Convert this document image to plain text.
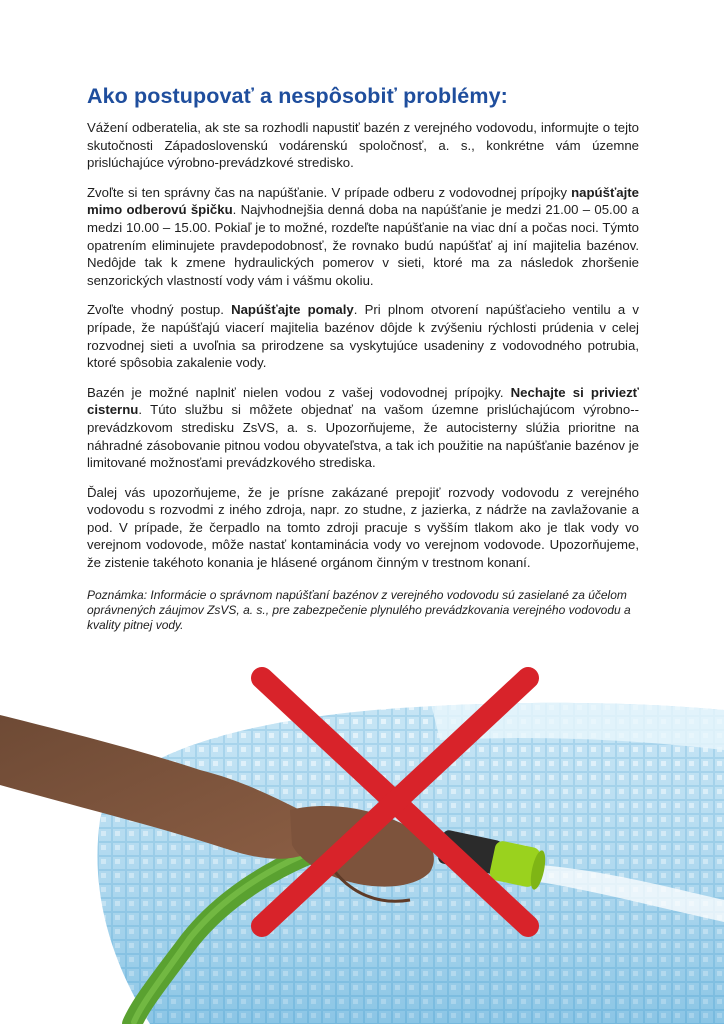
Ako postupovať a nespôsobiť problémy:

Vážení odberatelia, ak ste sa rozhodli napustiť bazén z verejného vodovodu, informujte o tejto skutočnosti Západoslovenskú vodárenskú spoločnosť, a. s., konkrétne vám územne prislúchajúce výrobno-prevádzkové stredisko.

Zvoľte si ten správny čas na napúšťanie. V prípade odberu z vodovodnej prípojky napúšťajte mimo odberovú špičku. Najvhodnejšia denná doba na napúšťanie je medzi 21.00 – 05.00 a medzi 10.00 – 15.00. Pokiaľ je to možné, rozdeľte napúšťanie na viac dní a počas noci. Týmto opatrením eliminujete pravdepodobnosť, že rovnako budú napúšťať aj iní majitelia bazénov. Nedôjde tak k zmene hydraulických pomerov v sieti, ktoré ma za následok zhoršenie senzorických vlastností vody vám i vášmu okoliu.

Zvoľte vhodný postup. Napúšťajte pomaly. Pri plnom otvorení napúšťacieho ventilu a v prípade, že napúšťajú viacerí majitelia bazénov dôjde k zvýšeniu rýchlosti prúdenia v celej rozvodnej sieti a uvoľnia sa prirodzene sa vyskytujúce usadeniny z vodovodného potrubia, ktoré spôsobia zakalenie vody.

Bazén je možné naplniť nielen vodou z vašej vodovodnej prípojky. Nechajte si priviezť cisternu. Túto službu si môžete objednať na vašom územne prislúchajúcom výrobno--prevádzkovom stredisku ZsVS, a. s. Upozorňujeme, že autocisterny slúžia prioritne na náhradné zásobovanie pitnou vodou obyvateľstva, a tak ich použitie na napúšťanie bazénov je limitované možnosťami prevádzkového strediska.

Ďalej vás upozorňujeme, že je prísne zakázané prepojiť rozvody vodovodu z verejného vodovodu s rozvodmi z iného zdroja, napr. zo studne, z jazierka, z nádrže na zavlažovanie a pod. V prípade, že čerpadlo na tomto zdroji pracuje s vyšším tlakom ako je tlak vody vo verejnom vodovode, môže nastať kontaminácia vody vo verejnom vodovode. Upozorňujeme, že zistenie takéhoto konania je hlásené orgánom činným v trestnom konaní.

Poznámka: Informácie o správnom napúšťaní bazénov z verejného vodovodu sú zasielané za účelom oprávnených záujmov ZsVS, a. s., pre zabezpečenie plynulého prevádzkovania verejného vodovodu a kvality pitnej vody.
